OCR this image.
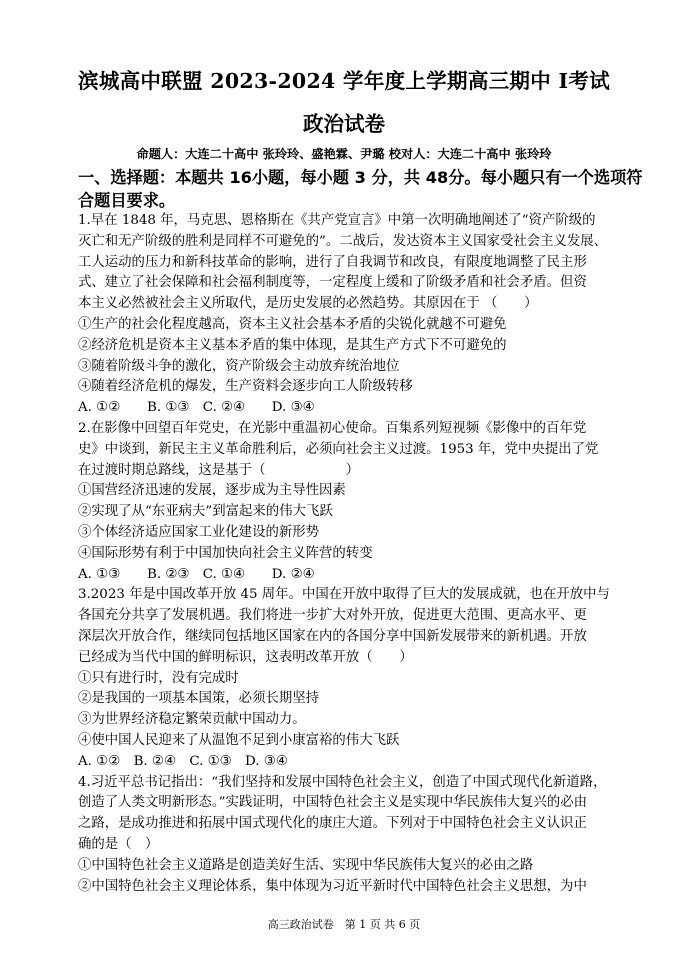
滨城高中联盟 2023-2024 学年度上学期高三期中 Ⅰ考试
政治试卷
命题人：大连二十高中 张玲玲、盛艳霖、尹璐 校对人：大连二十高中 张玲玲
一、选择题：本题共 16小题，每小题 3 分，共 48分。每小题只有一个选项符
合题目要求。
1.早在 1848 年，马克思、恩格斯在《共产党宣言》中第一次明确地阐述了“资产阶级的
灭亡和无产阶级的胜利是同样不可避免的”。二战后，发达资本主义国家受社会主义发展、
工人运动的压力和新科技革命的影响，进行了自我调节和改良，有限度地调整了民主形
式、建立了社会保障和社会福利制度等，一定程度上缓和了阶级矛盾和社会矛盾。但资
本主义必然被社会主义所取代，是历史发展的必然趋势。其原因在于 （　　）
①生产的社会化程度越高，资本主义社会基本矛盾的尖锐化就越不可避免
②经济危机是资本主义基本矛盾的集中体现，是其生产方式下不可避免的
③随着阶级斗争的激化，资产阶级会主动放弃统治地位
④随着经济危机的爆发，生产资料会逐步向工人阶级转移
A. ①②　　B. ①③　C. ②④　　D. ③④
2.在影像中回望百年党史，在光影中重温初心使命。百集系列短视频《影像中的百年党
史》中谈到，新民主主义革命胜利后，必须向社会主义过渡。1953 年，党中央提出了党
在过渡时期总路线，这是基于（　　　　　　）
①国营经济迅速的发展，逐步成为主导性因素
②实现了从“东亚病夫”到富起来的伟大飞跃
③个体经济适应国家工业化建设的新形势
④国际形势有利于中国加快向社会主义阵营的转变
A. ①③　　B. ②③　C. ①④　　D. ②④
3.2023 年是中国改革开放 45 周年。中国在开放中取得了巨大的发展成就，也在开放中与
各国充分共享了发展机遇。我们将进一步扩大对外开放，促进更大范围、更高水平、更
深层次开放合作，继续同包括地区国家在内的各国分享中国新发展带来的新机遇。开放
已经成为当代中国的鲜明标识，这表明改革开放（　　）
①只有进行时，没有完成时
②是我国的一项基本国策，必须长期坚持
③为世界经济稳定繁荣贡献中国动力。
④使中国人民迎来了从温饱不足到小康富裕的伟大飞跃
A. ①②　B. ②④　C. ①③　D. ③④
4.习近平总书记指出：“我们坚持和发展中国特色社会主义，创造了中国式现代化新道路，
创造了人类文明新形态。”实践证明，中国特色社会主义是实现中华民族伟大复兴的必由
之路，是成功推进和拓展中国式现代化的康庄大道。下列对于中国特色社会主义认识正
确的是（　）
①中国特色社会主义道路是创造美好生活、实现中华民族伟大复兴的必由之路
②中国特色社会主义理论体系，集中体现为习近平新时代中国特色社会主义思想，为中
高三政治试卷　第 1 页 共 6 页
